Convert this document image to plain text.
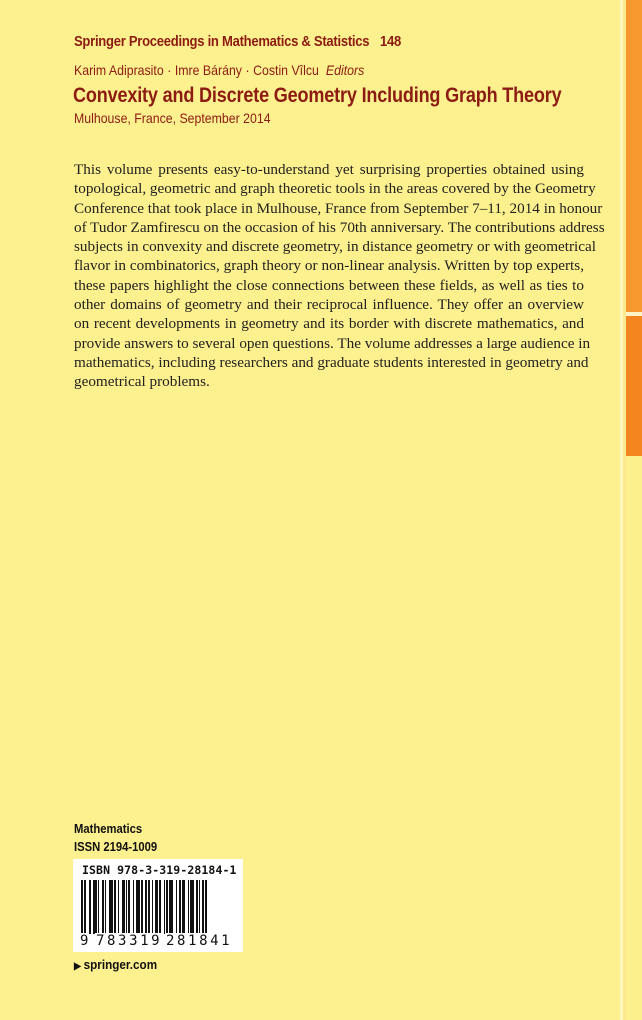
Springer Proceedings in Mathematics & Statistics 148
Karim Adiprasito · Imre Bárány · Costin Vîlcu Editors
Convexity and Discrete Geometry Including Graph Theory
Mulhouse, France, September 2014
This volume presents easy-to-understand yet surprising properties obtained using
topological, geometric and graph theoretic tools in the areas covered by the Geometry
Conference that took place in Mulhouse, France from September 7–11, 2014 in honour
of Tudor Zamfirescu on the occasion of his 70th anniversary. The contributions address
subjects in convexity and discrete geometry, in distance geometry or with geometrical
flavor in combinatorics, graph theory or non-linear analysis. Written by top experts,
these papers highlight the close connections between these fields, as well as ties to
other domains of geometry and their reciprocal influence. They offer an overview
on recent developments in geometry and its border with discrete mathematics, and
provide answers to several open questions. The volume addresses a large audience in
mathematics, including researchers and graduate students interested in geometry and
geometrical problems.
Mathematics
ISSN 2194-1009
ISBN 978-3-319-28184-1
9 783319 281841
▶ springer.com
